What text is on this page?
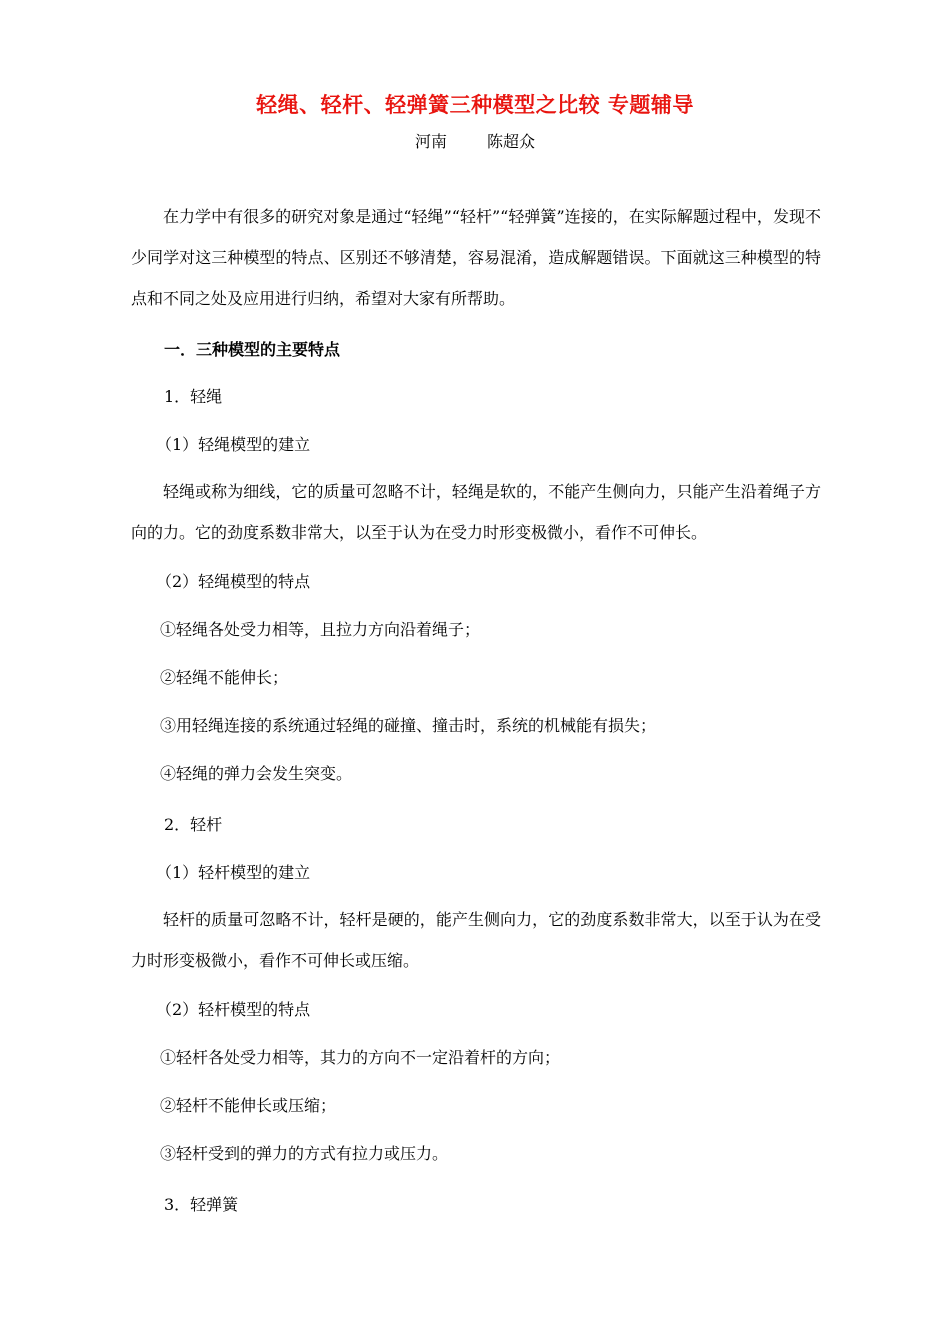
轻绳、轻杆、轻弹簧三种模型之比较 专题辅导
河南	陈超众
在力学中有很多的研究对象是通过“轻绳”“轻杆”“轻弹簧”连接的，在实际解题过程中，发现不少同学对这三种模型的特点、区别还不够清楚，容易混淆，造成解题错误。下面就这三种模型的特点和不同之处及应用进行归纳，希望对大家有所帮助。
一．三种模型的主要特点
1．轻绳
（1）轻绳模型的建立
轻绳或称为细线，它的质量可忽略不计，轻绳是软的，不能产生侧向力，只能产生沿着绳子方向的力。它的劲度系数非常大，以至于认为在受力时形变极微小，看作不可伸长。
（2）轻绳模型的特点
①轻绳各处受力相等，且拉力方向沿着绳子；
②轻绳不能伸长；
③用轻绳连接的系统通过轻绳的碰撞、撞击时，系统的机械能有损失；
④轻绳的弹力会发生突变。
2．轻杆
（1）轻杆模型的建立
轻杆的质量可忽略不计，轻杆是硬的，能产生侧向力，它的劲度系数非常大，以至于认为在受力时形变极微小，看作不可伸长或压缩。
（2）轻杆模型的特点
①轻杆各处受力相等，其力的方向不一定沿着杆的方向；
②轻杆不能伸长或压缩；
③轻杆受到的弹力的方式有拉力或压力。
3．轻弹簧
